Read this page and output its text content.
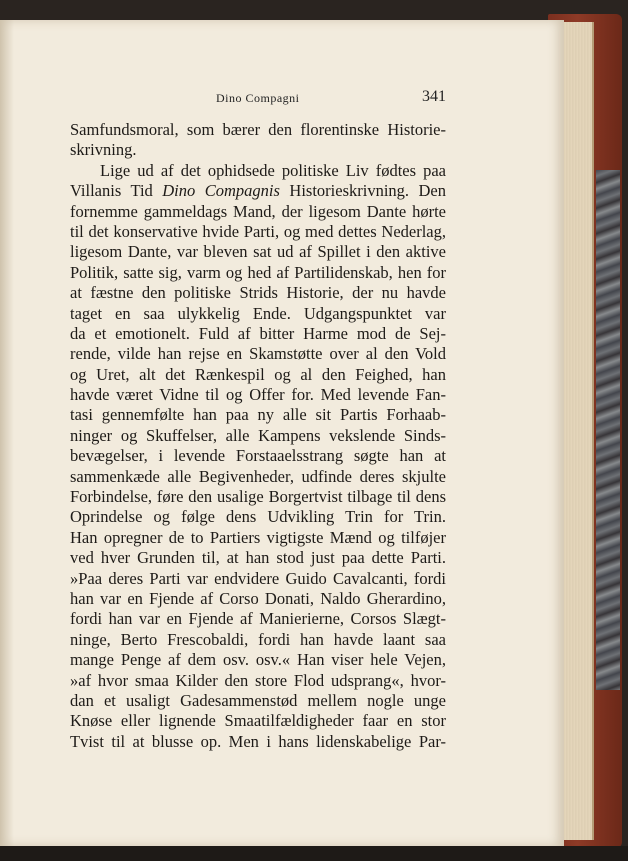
Dino Compagni	341
Samfundsmoral, som bærer den florentinske Historie-
skrivning.
Lige ud af det ophidsede politiske Liv fødtes paa
Villanis Tid Dino Compagnis Historieskrivning. Den
fornemme gammeldags Mand, der ligesom Dante hørte
til det konservative hvide Parti, og med dettes Nederlag,
ligesom Dante, var bleven sat ud af Spillet i den aktive
Politik, satte sig, varm og hed af Partilidenskab, hen for
at fæstne den politiske Strids Historie, der nu havde
taget en saa ulykkelig Ende. Udgangspunktet var
da et emotionelt. Fuld af bitter Harme mod de Sej-
rende, vilde han rejse en Skamstøtte over al den Vold
og Uret, alt det Rænkespil og al den Feighed, han
havde været Vidne til og Offer for. Med levende Fan-
tasi gennemfølte han paa ny alle sit Partis Forhaab-
ninger og Skuffelser, alle Kampens vekslende Sinds-
bevægelser, i levende Forstaaelsstrang søgte han at
sammenkæde alle Begivenheder, udfinde deres skjulte
Forbindelse, føre den usalige Borgertvist tilbage til dens
Oprindelse og følge dens Udvikling Trin for Trin.
Han opregner de to Partiers vigtigste Mænd og tilføjer
ved hver Grunden til, at han stod just paa dette Parti.
»Paa deres Parti var endvidere Guido Cavalcanti, fordi
han var en Fjende af Corso Donati, Naldo Gherardino,
fordi han var en Fjende af Manierierne, Corsos Slægt-
ninge, Berto Frescobaldi, fordi han havde laant saa
mange Penge af dem osv. osv.« Han viser hele Vejen,
»af hvor smaa Kilder den store Flod udsprang«, hvor-
dan et usaligt Gadesammenstød mellem nogle unge
Knøse eller lignende Smaatilfældigheder faar en stor
Tvist til at blusse op. Men i hans lidenskabelige Par-
